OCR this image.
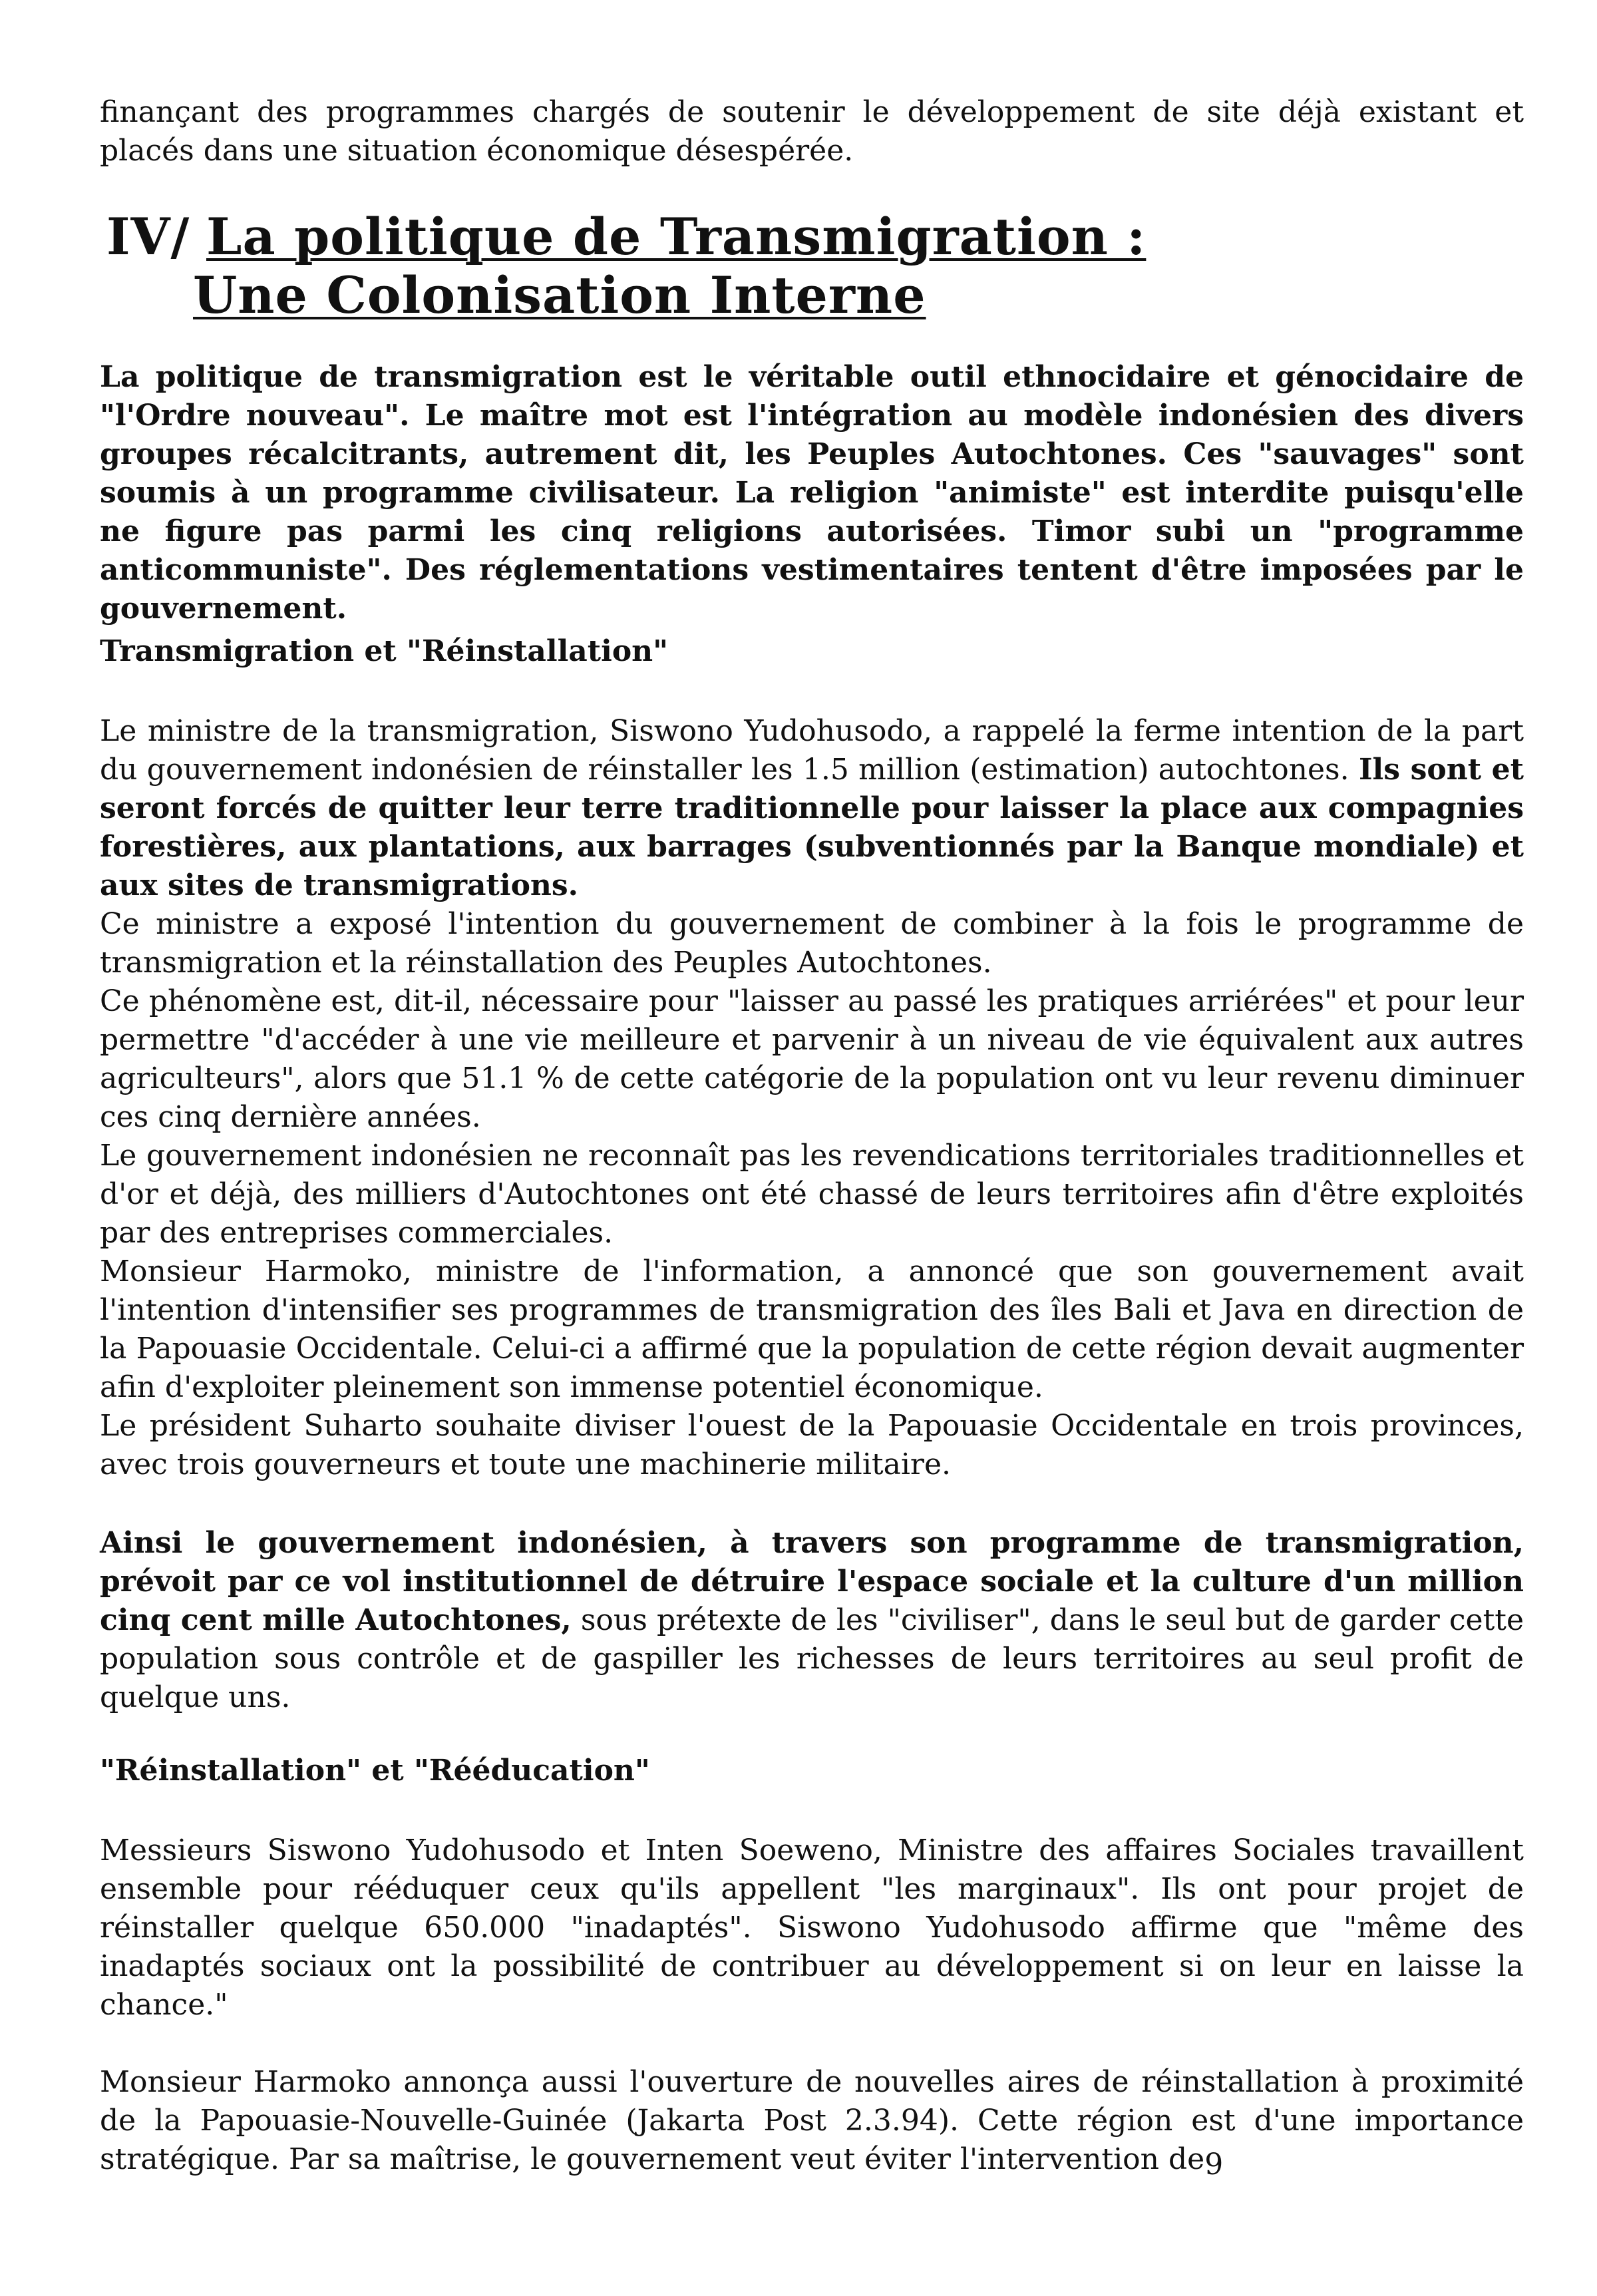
finançant des programmes chargés de soutenir le développement de site déjà existant et placés dans une situation économique désespérée.

IV/ La politique de Transmigration :
Une Colonisation Interne

La politique de transmigration est le véritable outil ethnocidaire et génocidaire de "l'Ordre nouveau". Le maître mot est l'intégration au modèle indonésien des divers groupes récalcitrants, autrement dit, les Peuples Autochtones. Ces "sauvages" sont soumis à un programme civilisateur. La religion "animiste" est interdite puisqu'elle ne figure pas parmi les cinq religions autorisées. Timor subi un "programme anticommuniste". Des réglementations vestimentaires tentent d'être imposées par le gouvernement.

Transmigration et "Réinstallation"
Le ministre de la transmigration, Siswono Yudohusodo, a rappelé la ferme intention de la part du gouvernement indonésien de réinstaller les 1.5 million (estimation) autochtones. Ils sont et seront forcés de quitter leur terre traditionnelle pour laisser la place aux compagnies forestières, aux plantations, aux barrages (subventionnés par la Banque mondiale) et aux sites de transmigrations.
Ce ministre a exposé l'intention du gouvernement de combiner à la fois le programme de transmigration et la réinstallation des Peuples Autochtones.
Ce phénomène est, dit-il, nécessaire pour "laisser au passé les pratiques arriérées" et pour leur permettre "d'accéder à une vie meilleure et parvenir à un niveau de vie équivalent aux autres agriculteurs", alors que 51.1 % de cette catégorie de la population ont vu leur revenu diminuer ces cinq dernière années.
Le gouvernement indonésien ne reconnaît pas les revendications territoriales traditionnelles et d'or et déjà, des milliers d'Autochtones ont été chassé de leurs territoires afin d'être exploités par des entreprises commerciales.
Monsieur Harmoko, ministre de l'information, a annoncé que son gouvernement avait l'intention d'intensifier ses programmes de transmigration des îles Bali et Java en direction de la Papouasie Occidentale. Celui-ci a affirmé que la population de cette région devait augmenter afin d'exploiter pleinement son immense potentiel économique.
Le président Suharto souhaite diviser l'ouest de la Papouasie Occidentale en trois provinces, avec trois gouverneurs et toute une machinerie militaire.

Ainsi le gouvernement indonésien, à travers son programme de transmigration, prévoit par ce vol institutionnel de détruire l'espace sociale et la culture d'un million cinq cent mille Autochtones, sous prétexte de les "civiliser", dans le seul but de garder cette population sous contrôle et de gaspiller les richesses de leurs territoires au seul profit de quelque uns.

"Réinstallation" et "Rééducation"

Messieurs Siswono Yudohusodo et Inten Soeweno, Ministre des affaires Sociales travaillent ensemble pour rééduquer ceux qu'ils appellent "les marginaux". Ils ont pour projet de réinstaller quelque 650.000 "inadaptés". Siswono Yudohusodo affirme que "même des inadaptés sociaux ont la possibilité de contribuer au développement si on leur en laisse la chance."

Monsieur Harmoko annonça aussi l'ouverture de nouvelles aires de réinstallation à proximité de la Papouasie-Nouvelle-Guinée (Jakarta Post 2.3.94). Cette région est d'une importance stratégique. Par sa maîtrise, le gouvernement veut éviter l'intervention de9
